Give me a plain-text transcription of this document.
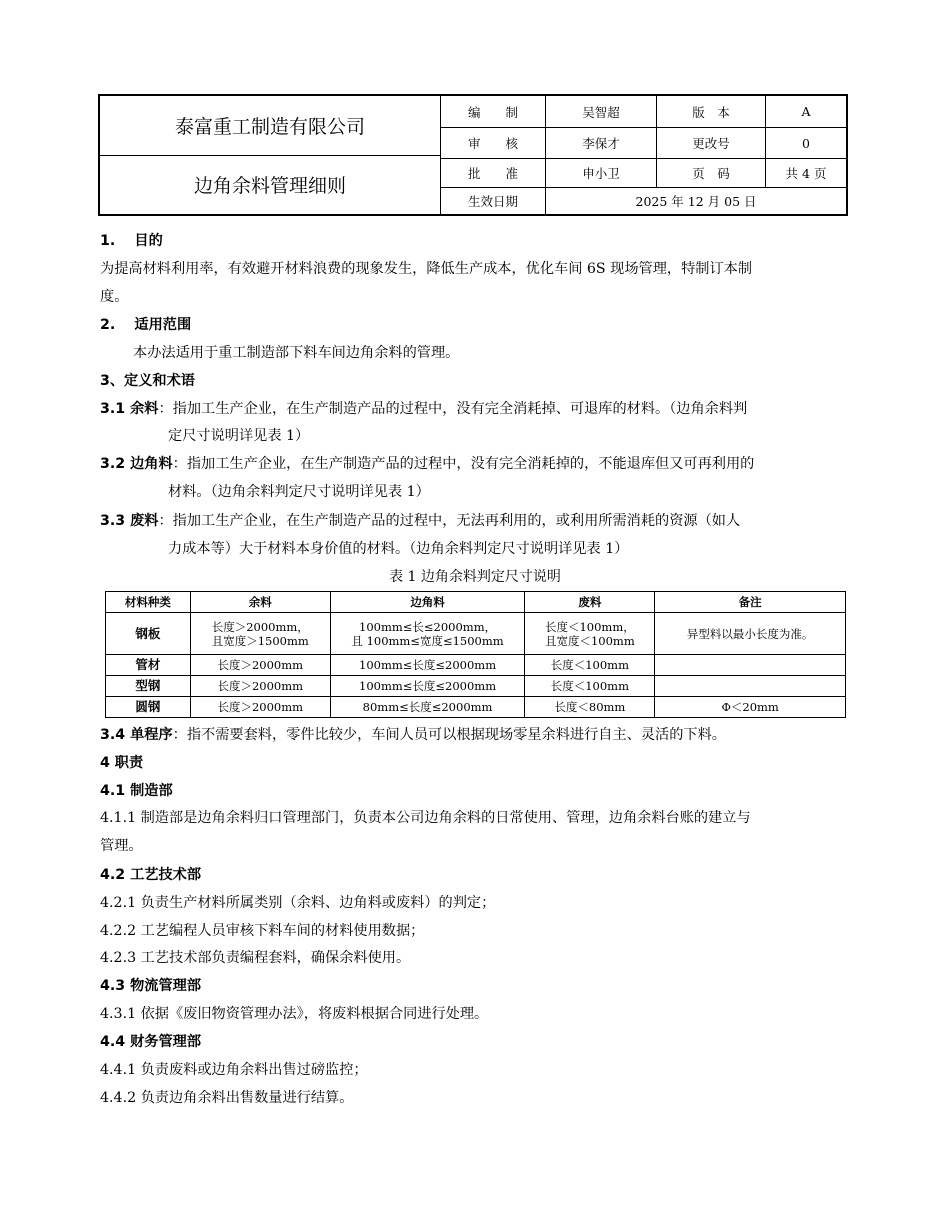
泰富重工制造有限公司
边角余料管理细则
编　　制	吴智超	版　本	A
审　　核	李保才	更改号	0
批　　准	申小卫	页　码	共 4 页
生效日期	2025 年 12 月 05 日
1.　 目的
为提高材料利用率，有效避开材料浪费的现象发生，降低生产成本，优化车间 6S 现场管理，特制订本制
度。
2.　 适用范围
本办法适用于重工制造部下料车间边角余料的管理。
3、定义和术语
3.1 余料：指加工生产企业，在生产制造产品的过程中，没有完全消耗掉、可退库的材料。（边角余料判
定尺寸说明详见表 1）
3.2 边角料：指加工生产企业，在生产制造产品的过程中，没有完全消耗掉的，不能退库但又可再利用的
材料。（边角余料判定尺寸说明详见表 1）
3.3 废料：指加工生产企业，在生产制造产品的过程中，无法再利用的，或利用所需消耗的资源（如人
力成本等）大于材料本身价值的材料。（边角余料判定尺寸说明详见表 1）
表 1 边角余料判定尺寸说明
材料种类	余料	边角料	废料	备注
钢板	长度＞2000mm，
且宽度＞1500mm	100mm≤长≤2000mm，
且 100mm≤宽度≤1500mm	长度＜100mm，
且宽度＜100mm	异型料以最小长度为准。
管材	长度＞2000mm	100mm≤长度≤2000mm	长度＜100mm	
型钢	长度＞2000mm	100mm≤长度≤2000mm	长度＜100mm	
圆钢	长度＞2000mm	80mm≤长度≤2000mm	长度＜80mm	Φ＜20mm
3.4 单程序：指不需要套料，零件比较少，车间人员可以根据现场零星余料进行自主、灵活的下料。
4 职责
4.1 制造部
4.1.1 制造部是边角余料归口管理部门，负责本公司边角余料的日常使用、管理，边角余料台账的建立与
管理。
4.2 工艺技术部
4.2.1 负责生产材料所属类别（余料、边角料或废料）的判定；
4.2.2 工艺编程人员审核下料车间的材料使用数据；
4.2.3 工艺技术部负责编程套料，确保余料使用。
4.3 物流管理部
4.3.1 依据《废旧物资管理办法》，将废料根据合同进行处理。
4.4 财务管理部
4.4.1 负责废料或边角余料出售过磅监控；
4.4.2 负责边角余料出售数量进行结算。
